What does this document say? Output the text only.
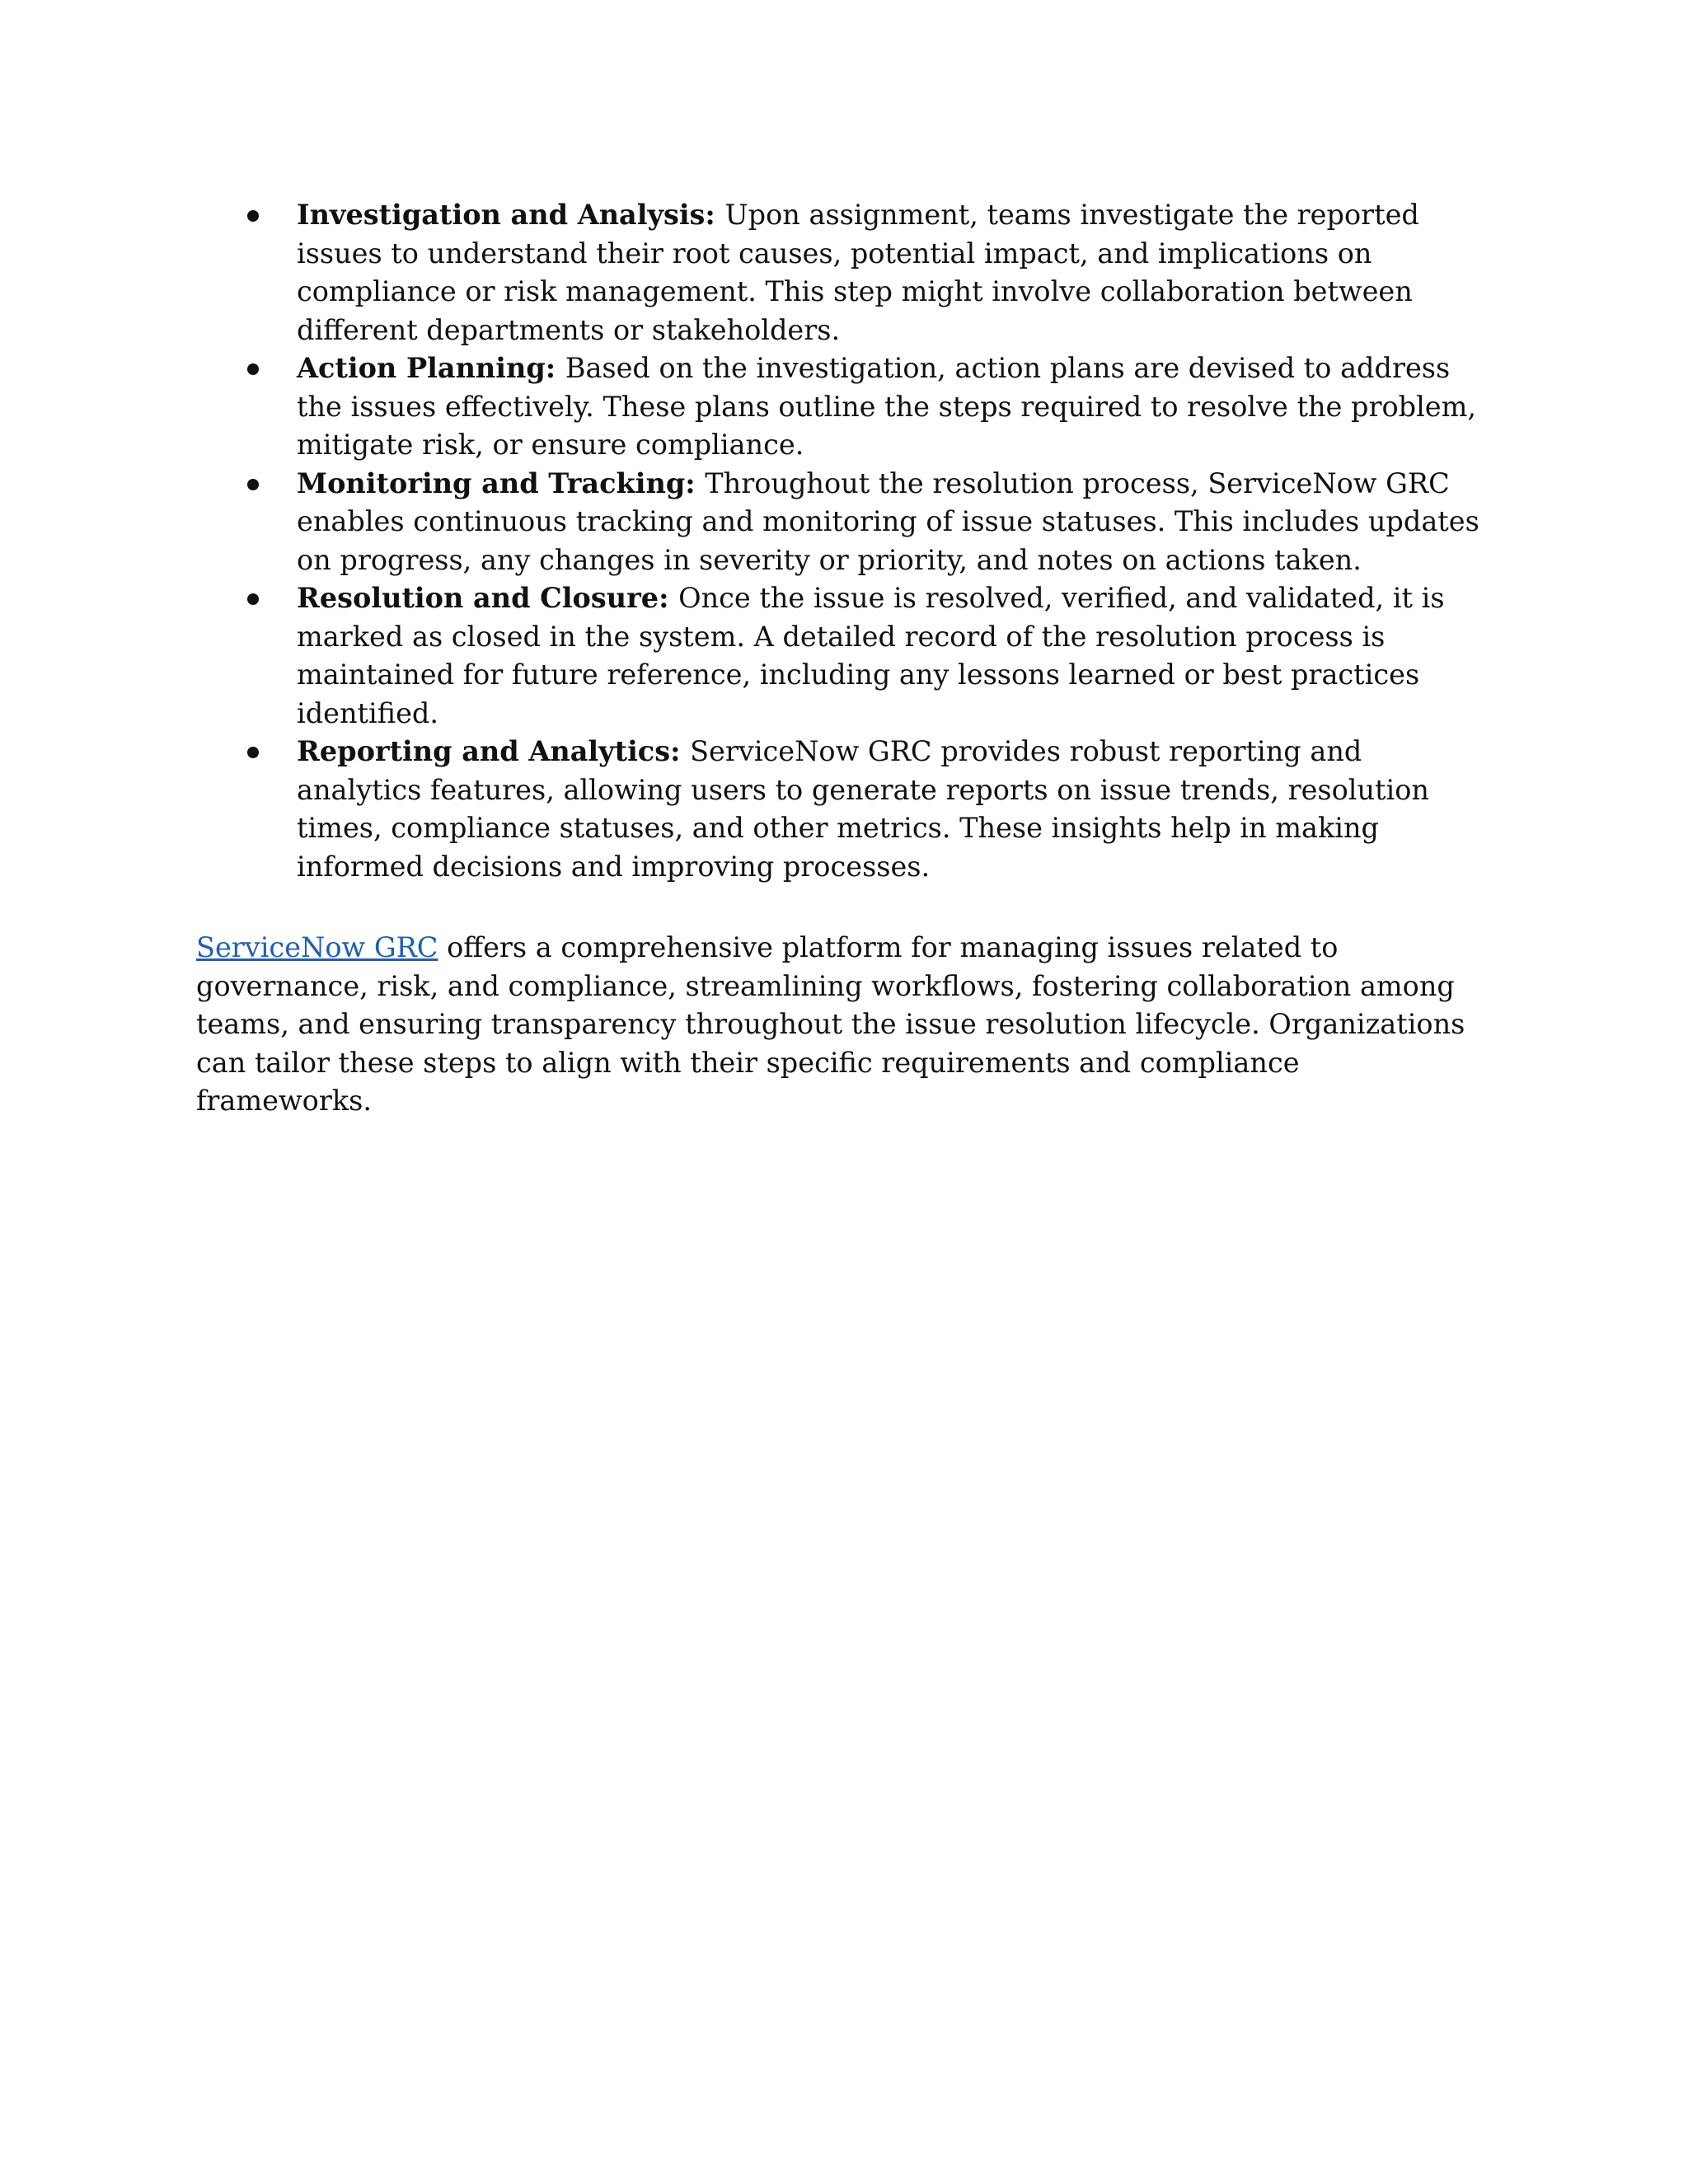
Investigation and Analysis: Upon assignment, teams investigate the reported issues to understand their root causes, potential impact, and implications on compliance or risk management. This step might involve collaboration between different departments or stakeholders.
Action Planning: Based on the investigation, action plans are devised to address the issues effectively. These plans outline the steps required to resolve the problem, mitigate risk, or ensure compliance.
Monitoring and Tracking: Throughout the resolution process, ServiceNow GRC enables continuous tracking and monitoring of issue statuses. This includes updates on progress, any changes in severity or priority, and notes on actions taken.
Resolution and Closure: Once the issue is resolved, verified, and validated, it is marked as closed in the system. A detailed record of the resolution process is maintained for future reference, including any lessons learned or best practices identified.
Reporting and Analytics: ServiceNow GRC provides robust reporting and analytics features, allowing users to generate reports on issue trends, resolution times, compliance statuses, and other metrics. These insights help in making informed decisions and improving processes.

ServiceNow GRC offers a comprehensive platform for managing issues related to governance, risk, and compliance, streamlining workflows, fostering collaboration among teams, and ensuring transparency throughout the issue resolution lifecycle. Organizations can tailor these steps to align with their specific requirements and compliance frameworks.
